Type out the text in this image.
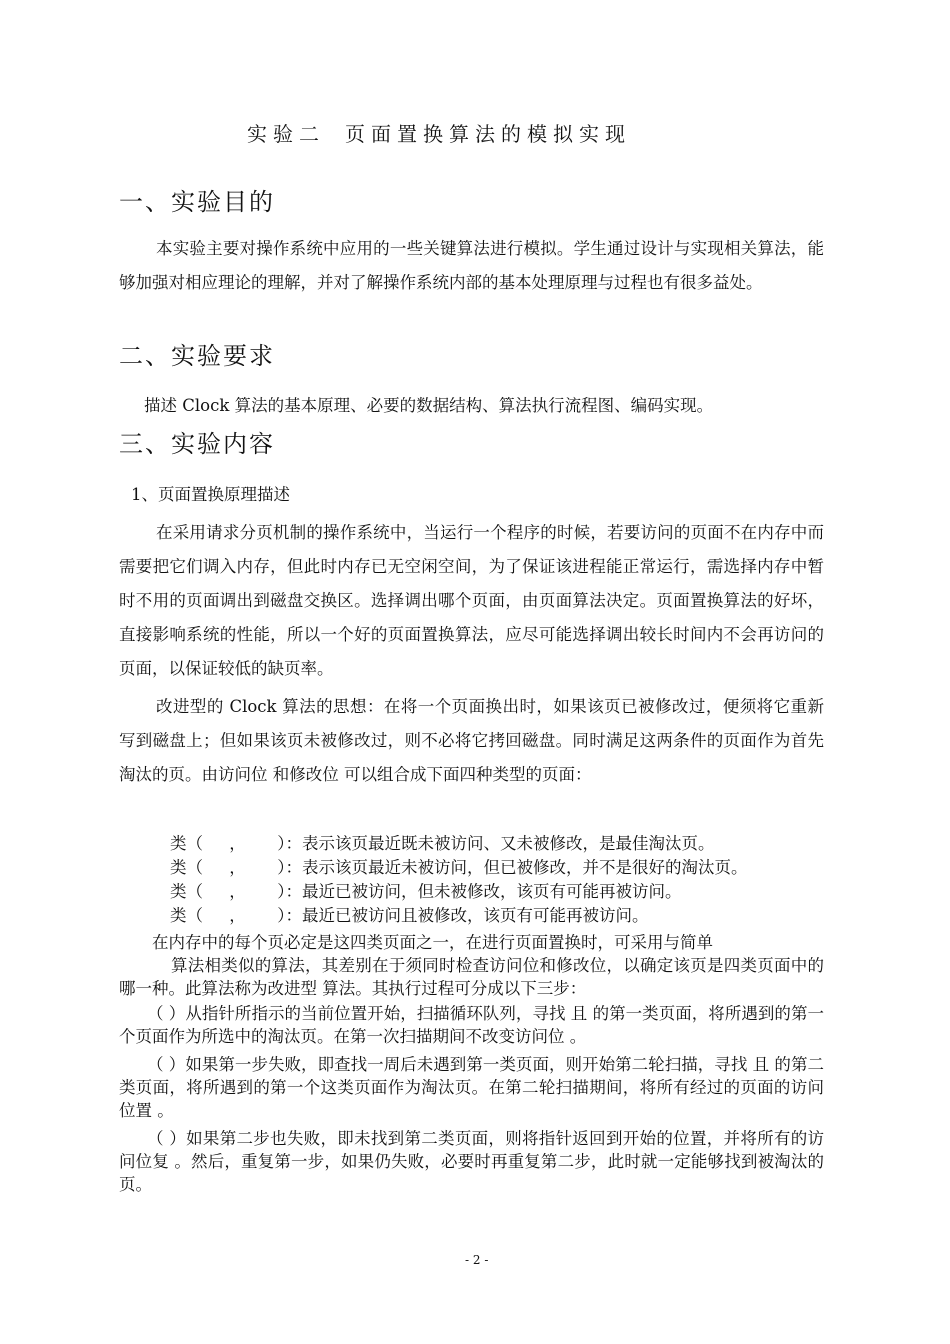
实验二 页面置换算法的模拟实现
一、实验目的
本实验主要对操作系统中应用的一些关键算法进行模拟。学生通过设计与实现相关算法，能够加强对相应理论的理解，并对了解操作系统内部的基本处理原理与过程也有很多益处。
二、实验要求
描述 Clock 算法的基本原理、必要的数据结构、算法执行流程图、编码实现。
三、实验内容
1、页面置换原理描述
在采用请求分页机制的操作系统中，当运行一个程序的时候，若要访问的页面不在内存中而需要把它们调入内存，但此时内存已无空闲空间，为了保证该进程能正常运行，需选择内存中暂时不用的页面调出到磁盘交换区。选择调出哪个页面，由页面算法决定。页面置换算法的好坏，直接影响系统的性能，所以一个好的页面置换算法，应尽可能选择调出较长时间内不会再访问的页面，以保证较低的缺页率。
改进型的 Clock 算法的思想：在将一个页面换出时，如果该页已被修改过，便须将它重新写到磁盘上；但如果该页未被修改过，则不必将它拷回磁盘。同时满足这两条件的页面作为首先淘汰的页。由访问位 和修改位 可以组合成下面四种类型的页面：
类（     ，      ）：表示该页最近既未被访问、又未被修改，是最佳淘汰页。
类（     ，      ）：表示该页最近未被访问，但已被修改，并不是很好的淘汰页。
类（     ，      ）：最近已被访问，但未被修改，该页有可能再被访问。
类（     ，      ）：最近已被访问且被修改，该页有可能再被访问。
在内存中的每个页必定是这四类页面之一，在进行页面置换时，可采用与简单
算法相类似的算法，其差别在于须同时检查访问位和修改位，以确定该页是四类页面中的哪一种。此算法称为改进型 算法。其执行过程可分成以下三步：
（ ）从指针所指示的当前位置开始，扫描循环队列，寻找 且 的第一类页面，将所遇到的第一个页面作为所选中的淘汰页。在第一次扫描期间不改变访问位 。
（ ）如果第一步失败，即查找一周后未遇到第一类页面，则开始第二轮扫描，寻找 且 的第二类页面，将所遇到的第一个这类页面作为淘汰页。在第二轮扫描期间，将所有经过的页面的访问位置 。
（ ）如果第二步也失败，即未找到第二类页面，则将指针返回到开始的位置，并将所有的访问位复 。然后，重复第一步，如果仍失败，必要时再重复第二步，此时就一定能够找到被淘汰的页。
- 2 -
